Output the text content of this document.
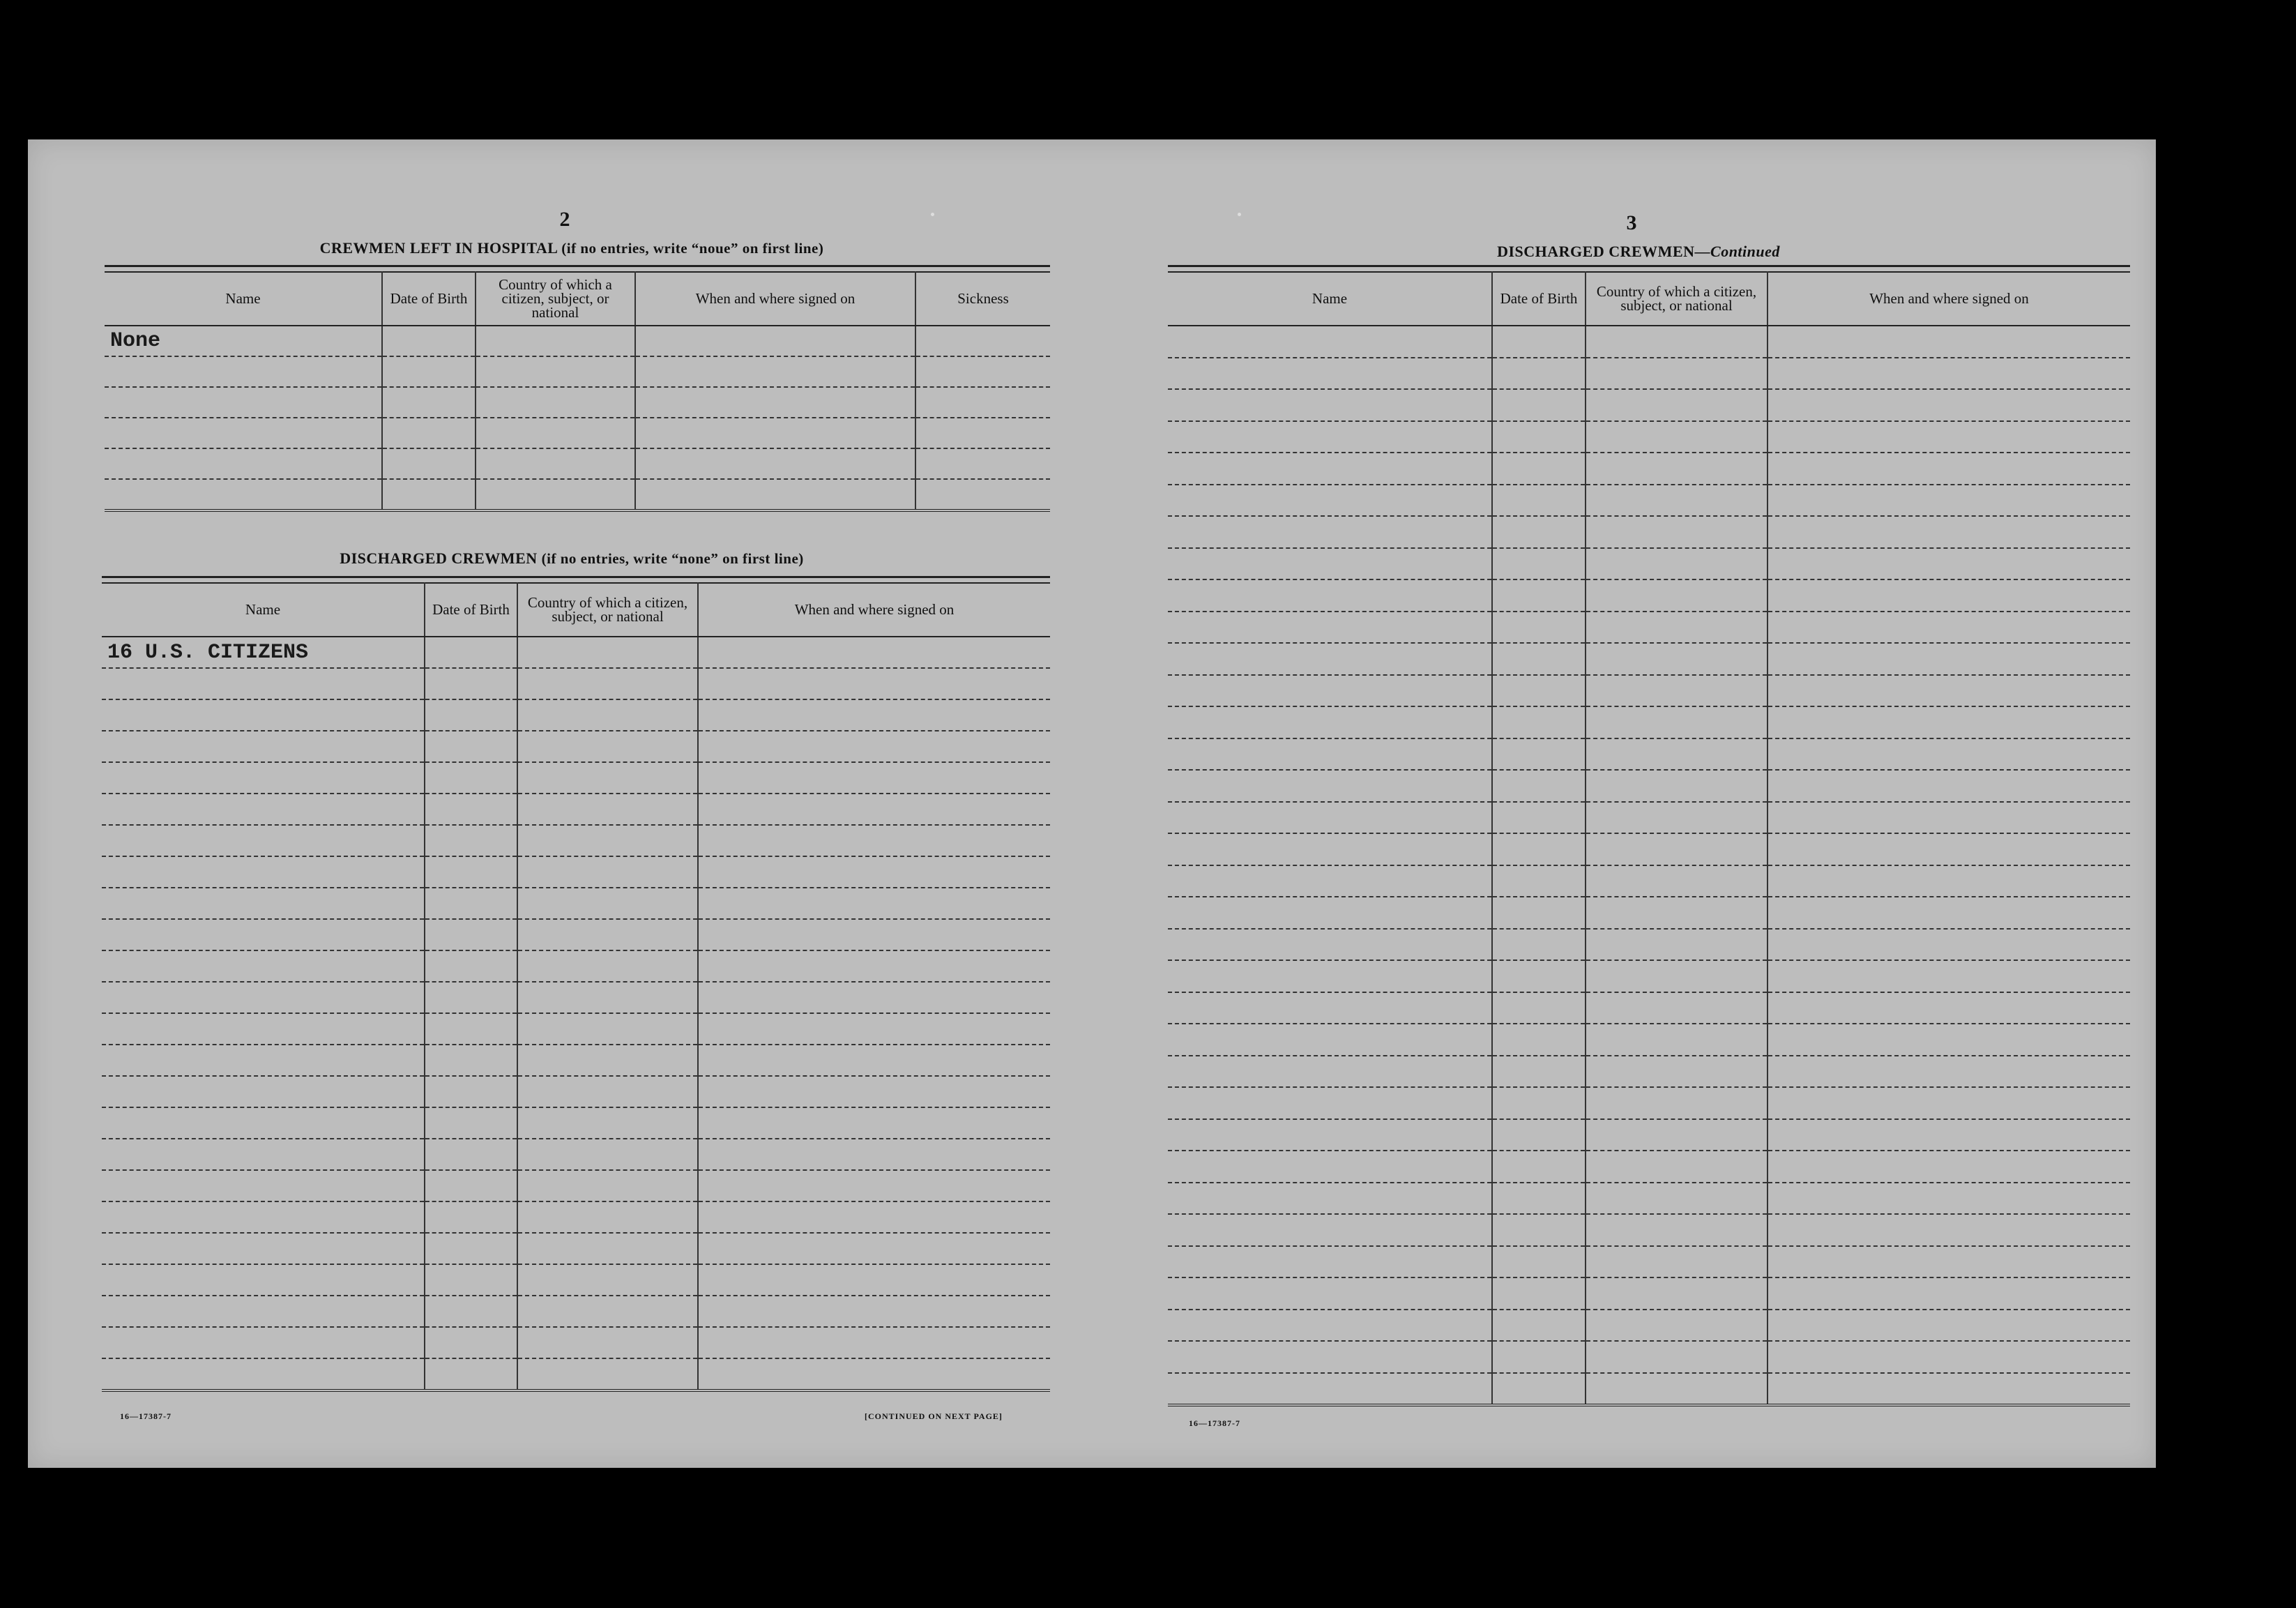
2
CREWMEN LEFT IN HOSPITAL (if no entries, write “noue” on first line)
Name	Date of Birth	Country of which a citizen, subject, or national	When and where signed on	Sickness
None				

DISCHARGED CREWMEN (if no entries, write “none” on first line)
Name	Date of Birth	Country of which a citizen, subject, or national	When and where signed on
16 U.S. CITIZENS			

16—17387-7	[CONTINUED ON NEXT PAGE]
3
DISCHARGED CREWMEN—Continued
Name	Date of Birth	Country of which a citizen, subject, or national	When and where signed on

16—17387-7
